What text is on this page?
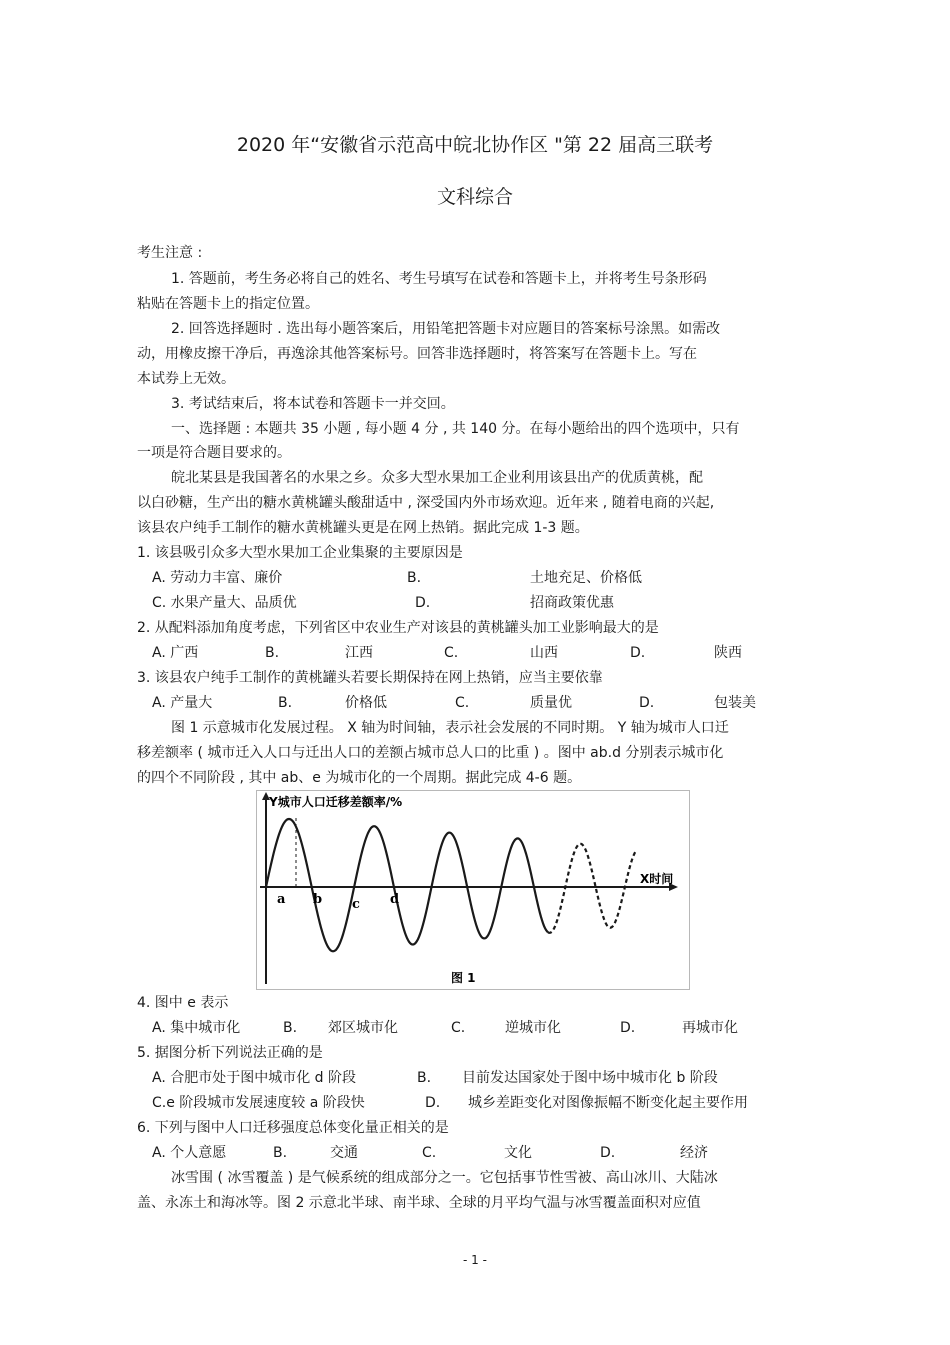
2020 年“安徽省示范高中皖北协作区 "第 22 届高三联考
文科综合
考生注意 :
1. 答题前，考生务必将自己的姓名、考生号填写在试卷和答题卡上，并将考生号条形码
粘贴在答题卡上的指定位置。
2. 回答选择题时 . 选出每小题答案后，用铅笔把答题卡对应题目的答案标号涂黑。如需改
动，用橡皮擦干净后，再逸涂其他答案标号。回答非选择题时，将答案写在答题卡上。写在
本试券上无效。
3. 考试结束后，将本试卷和答题卡一并交回。
一、选择题 : 本题共 35 小题 , 每小题 4 分 , 共 140 分。在每小题给出的四个选项中，只有
一项是符合题目要求的。
皖北某县是我国著名的水果之乡。众多大型水果加工企业利用该县出产的优质黄桃，配
以白砂糖，生产出的糖水黄桃罐头酸甜适中 , 深受国内外市场欢迎。近年来 , 随着电商的兴起,
该县农户纯手工制作的糖水黄桃罐头更是在网上热销。据此完成 1-3 题。
1. 该县吸引众多大型水果加工企业集聚的主要原因是
A. 劳动力丰富、廉价	B.	土地充足、价格低
C. 水果产量大、品质优	D.	招商政策优惠
2. 从配料添加角度考虑，下列省区中农业生产对该县的黄桃罐头加工业影响最大的是
A. 广西	B.	江西	C.	山西	D.	陕西
3. 该县农户纯手工制作的黄桃罐头若要长期保持在网上热销，应当主要依靠
A. 产量大	B.	价格低	C.	质量优	D.	包装美
图 1 示意城市化发展过程。 X 轴为时间轴，表示社会发展的不同时期。 Y 轴为城市人口迁
移差额率 ( 城市迁入人口与迁出人口的差额占城市总人口的比重 ) 。图中 ab.d 分别表示城市化
的四个不同阶段 , 其中 ab、e 为城市化的一个周期。据此完成 4-6 题。
Y城市人口迁移差额率/%
X时间
a b c d
图 1
4. 图中 e 表示
A. 集中城市化	B. 郊区城市化	C.	逆城市化	D.	再城市化
5. 据图分析下列说法正确的是
A. 合肥市处于图中城市化 d 阶段	B. 目前发达国家处于图中场中城市化 b 阶段
C.e 阶段城市发展速度较 a 阶段快	D. 城乡差距变化对图像振幅不断变化起主要作用
6. 下列与图中人口迁移强度总体变化量正相关的是
A. 个人意愿	B.	交通	C.	文化	D.	经济
冰雪围 ( 冰雪覆盖 ) 是气候系统的组成部分之一。它包括事节性雪被、高山冰川、大陆冰
盖、永冻土和海冰等。图 2 示意北半球、南半球、全球的月平均气温与冰雪覆盖面积对应值
- 1 -
